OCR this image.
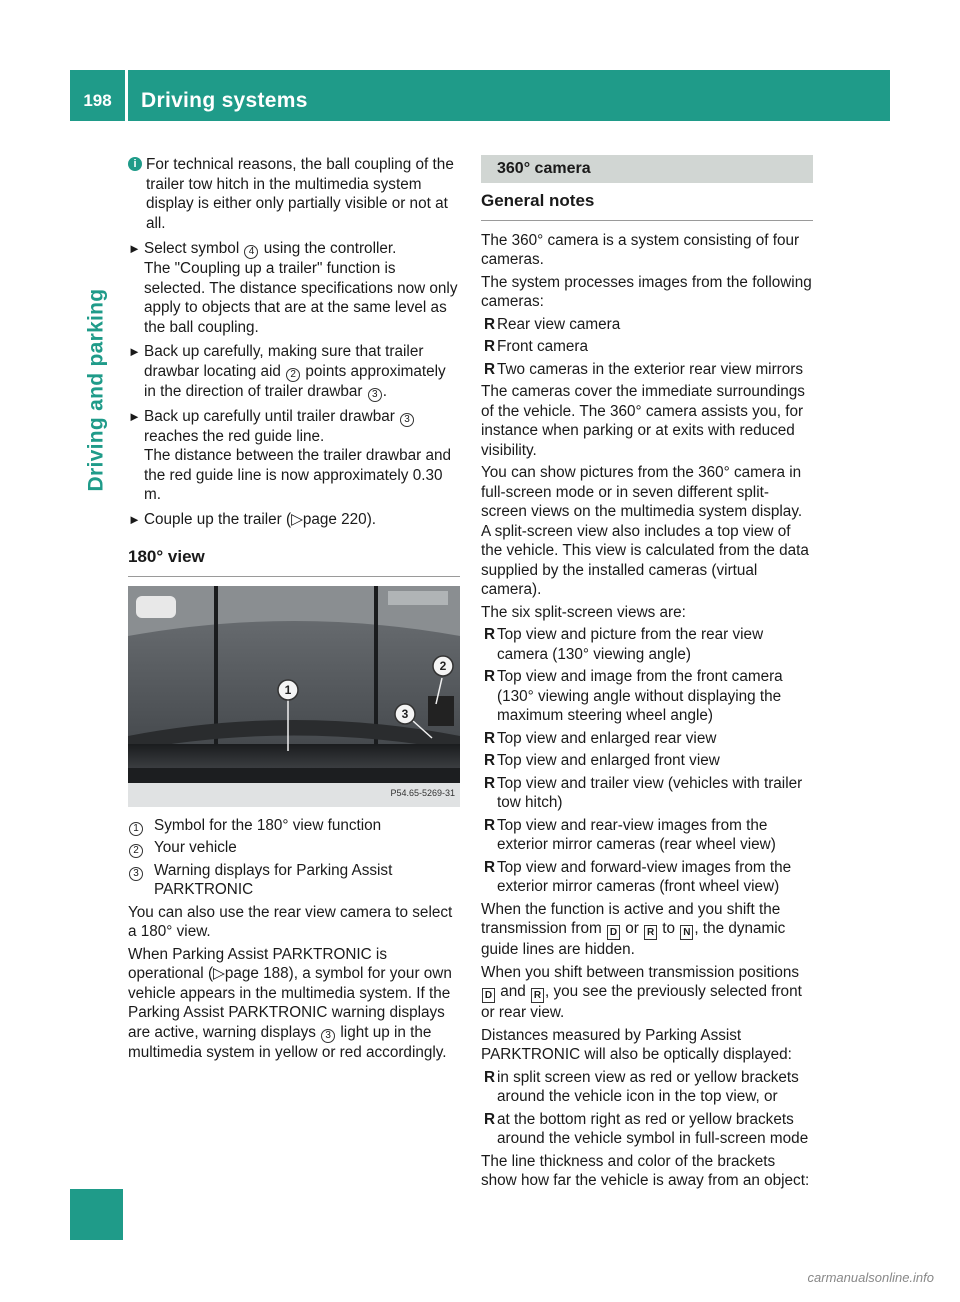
198	Driving systems
Driving and parking
i For technical reasons, the ball coupling of the trailer tow hitch in the multimedia system display is either only partially visible or not at all.
► Select symbol 4 using the controller.
The "Coupling up a trailer" function is selected. The distance specifications now only apply to objects that are at the same level as the ball coupling.
► Back up carefully, making sure that trailer drawbar locating aid 2 points approximately in the direction of trailer drawbar 3 .
► Back up carefully until trailer drawbar 3 reaches the red guide line.
The distance between the trailer drawbar and the red guide line is now approximately 0.30 m.
► Couple up the trailer (▷page 220).
180° view
1
2
3
P54.65-5269-31
1 Symbol for the 180° view function
2 Your vehicle
3 Warning displays for Parking Assist PARKTRONIC

You can also use the rear view camera to select a 180° view.

When Parking Assist PARKTRONIC is operational (▷page 188), a symbol for your own vehicle appears in the multimedia system. If the Parking Assist PARKTRONIC warning displays are active, warning displays 3 light up in the multimedia system in yellow or red accordingly.

360° camera
General notes

The 360° camera is a system consisting of four cameras.

The system processes images from the following cameras:

R Rear view camera
R Front camera
R Two cameras in the exterior rear view mirrors

The cameras cover the immediate surroundings of the vehicle. The 360° camera assists you, for instance when parking or at exits with reduced visibility.

You can show pictures from the 360° camera in full-screen mode or in seven different split-screen views on the multimedia system display. A split-screen view also includes a top view of the vehicle. This view is calculated from the data supplied by the installed cameras (virtual camera).

The six split-screen views are:

R Top view and picture from the rear view camera (130° viewing angle)
R Top view and image from the front camera (130° viewing angle without displaying the maximum steering wheel angle)
R Top view and enlarged rear view
R Top view and enlarged front view
R Top view and trailer view (vehicles with trailer tow hitch)
R Top view and rear-view images from the exterior mirror cameras (rear wheel view)
R Top view and forward-view images from the exterior mirror cameras (front wheel view)

When the function is active and you shift the transmission from D or R to N , the dynamic guide lines are hidden.

When you shift between transmission positions D and R , you see the previously selected front or rear view.

Distances measured by Parking Assist PARKTRONIC will also be optically displayed:

R in split screen view as red or yellow brackets around the vehicle icon in the top view, or
R at the bottom right as red or yellow brackets around the vehicle symbol in full-screen mode

The line thickness and color of the brackets show how far the vehicle is away from an object:

carmanualsonline.info
